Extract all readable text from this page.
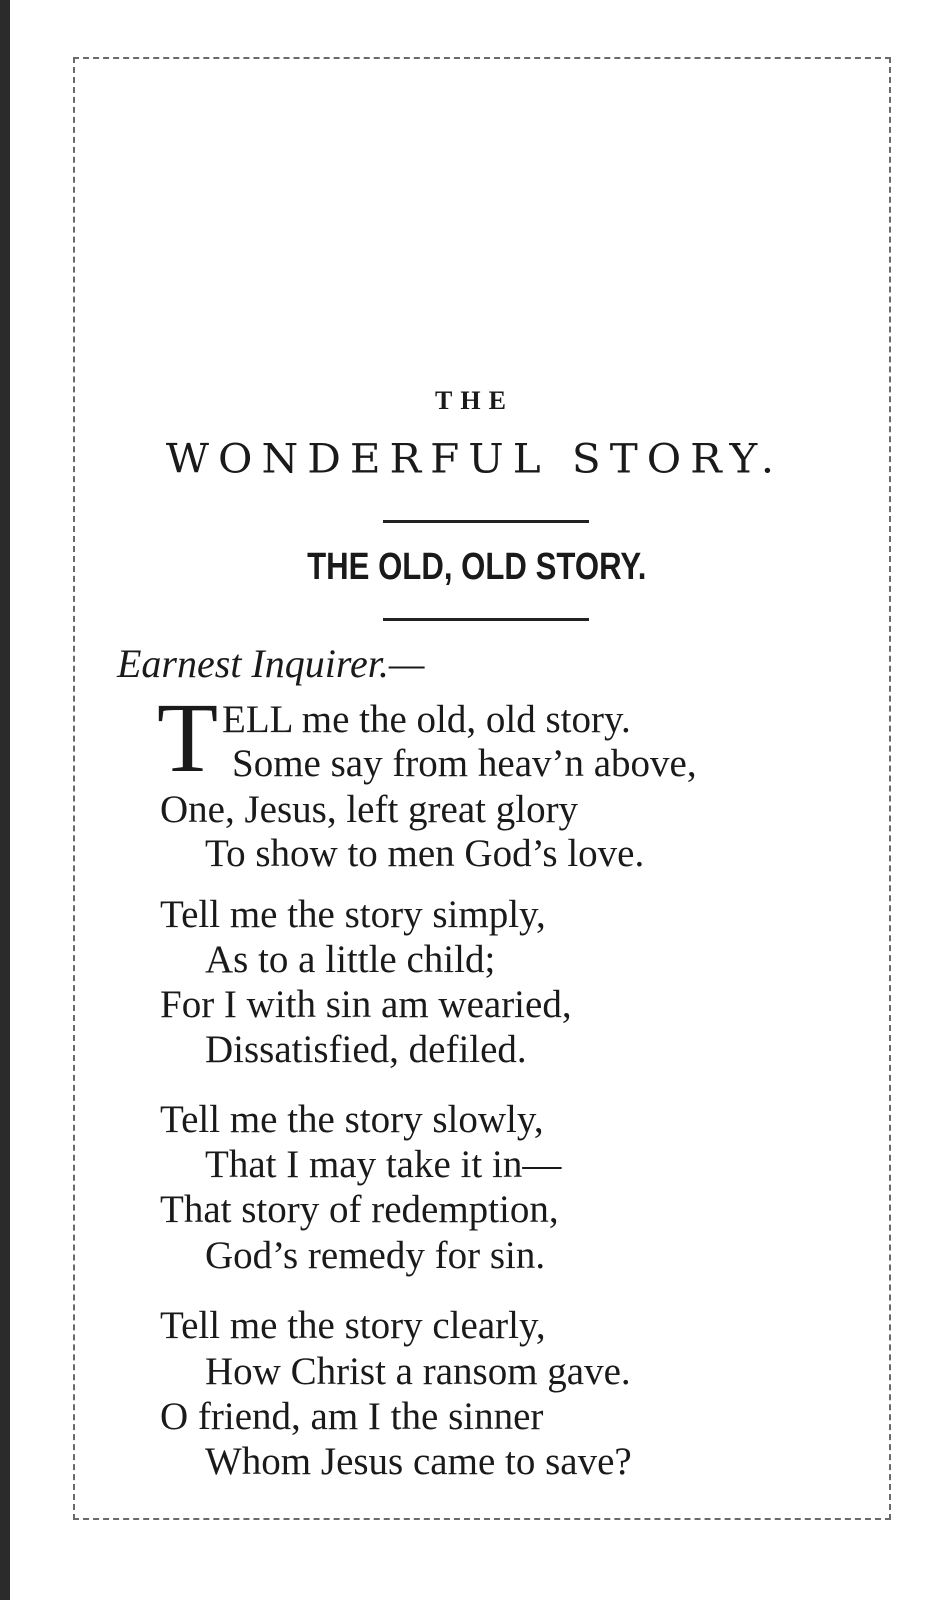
THE
WONDERFUL STORY.
THE OLD, OLD STORY.
Earnest Inquirer.—
T ELL me the old, old story.
Some say from heav’n above,
One, Jesus, left great glory
To show to men God’s love.
Tell me the story simply,
As to a little child;
For I with sin am wearied,
Dissatisfied, defiled.
Tell me the story slowly,
That I may take it in—
That story of redemption,
God’s remedy for sin.
Tell me the story clearly,
How Christ a ransom gave.
O friend, am I the sinner
Whom Jesus came to save?
